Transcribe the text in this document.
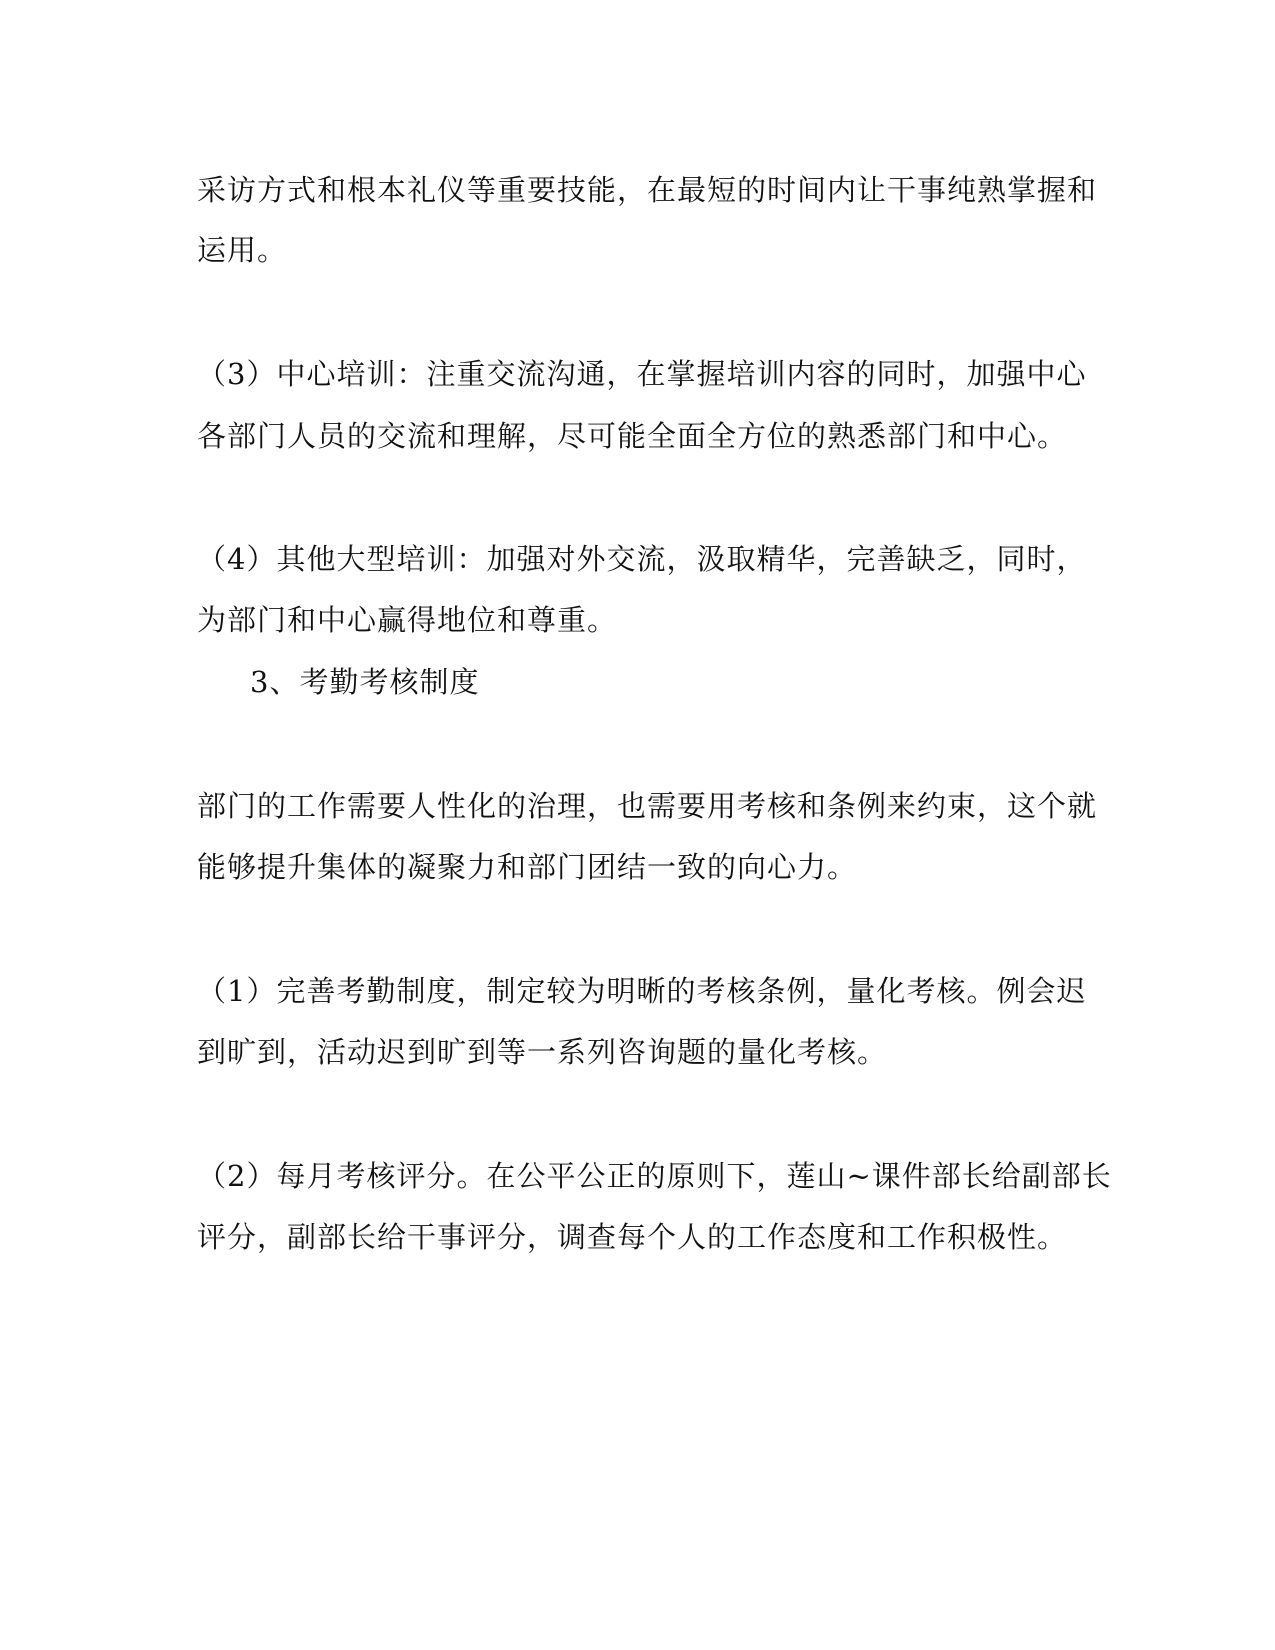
采访方式和根本礼仪等重要技能，在最短的时间内让干事纯熟掌握和
运用。
（3）中心培训：注重交流沟通，在掌握培训内容的同时，加强中心
各部门人员的交流和理解，尽可能全面全方位的熟悉部门和中心。
（4）其他大型培训：加强对外交流，汲取精华，完善缺乏，同时，
为部门和中心赢得地位和尊重。
3、考勤考核制度
部门的工作需要人性化的治理，也需要用考核和条例来约束，这个就
能够提升集体的凝聚力和部门团结一致的向心力。
（1）完善考勤制度，制定较为明晰的考核条例，量化考核。例会迟
到旷到，活动迟到旷到等一系列咨询题的量化考核。
（2）每月考核评分。在公平公正的原则下，莲山~课件部长给副部长
评分，副部长给干事评分，调查每个人的工作态度和工作积极性。
